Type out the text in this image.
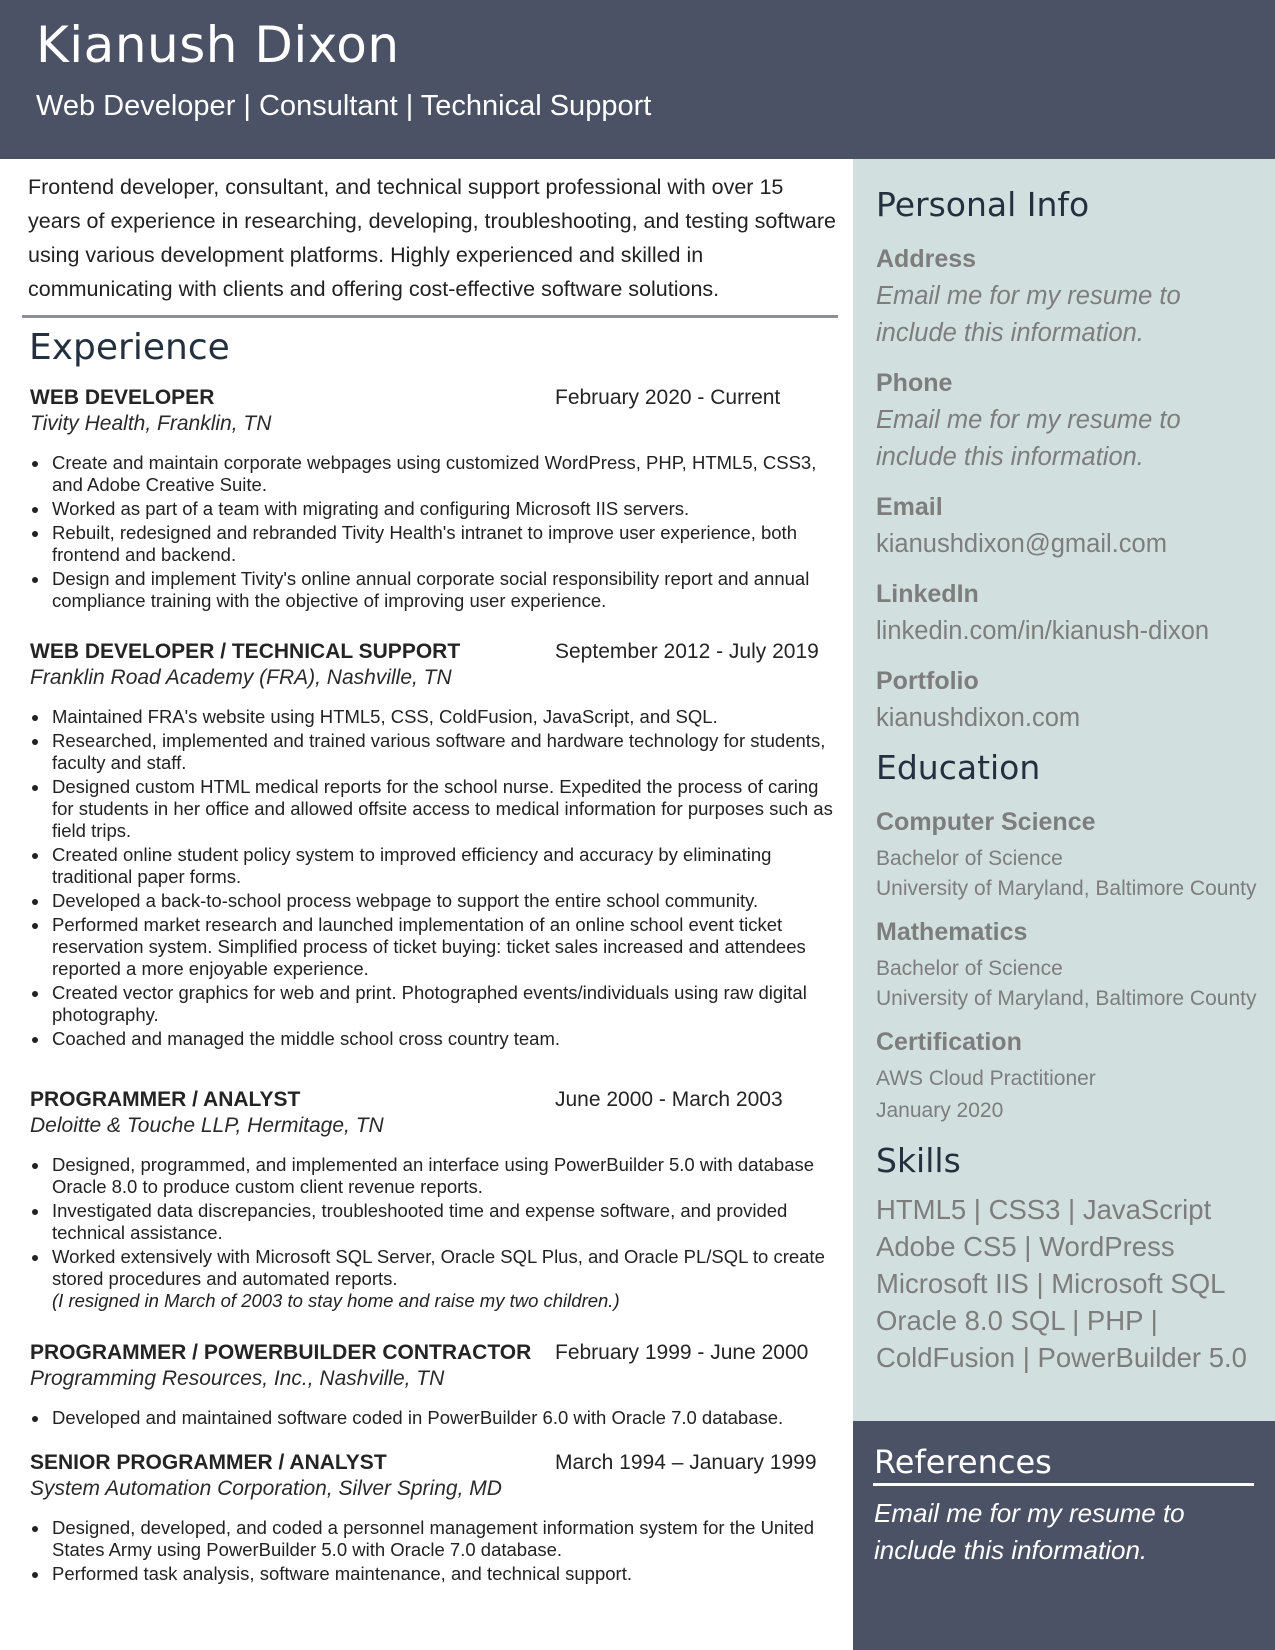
Kianush Dixon

Web Developer | Consultant | Technical Support

Frontend developer, consultant, and technical support professional with over 15 years of experience in researching, developing, troubleshooting, and testing software using various development platforms. Highly experienced and skilled in communicating with clients and offering cost-effective software solutions.

Experience
WEB DEVELOPER	February 2020 - Current
Tivity Health, Franklin, TN
Create and maintain corporate webpages using customized WordPress, PHP, HTML5, CSS3, and Adobe Creative Suite.
Worked as part of a team with migrating and configuring Microsoft IIS servers.
Rebuilt, redesigned and rebranded Tivity Health's intranet to improve user experience, both frontend and backend.
Design and implement Tivity's online annual corporate social responsibility report and annual compliance training with the objective of improving user experience.
WEB DEVELOPER / TECHNICAL SUPPORT	September 2012 - July 2019
Franklin Road Academy (FRA), Nashville, TN
Maintained FRA's website using HTML5, CSS, ColdFusion, JavaScript, and SQL.
Researched, implemented and trained various software and hardware technology for students, faculty and staff.
Designed custom HTML medical reports for the school nurse. Expedited the process of caring for students in her office and allowed offsite access to medical information for purposes such as field trips.
Created online student policy system to improved efficiency and accuracy by eliminating traditional paper forms.
Developed a back-to-school process webpage to support the entire school community.
Performed market research and launched implementation of an online school event ticket reservation system. Simplified process of ticket buying: ticket sales increased and attendees reported a more enjoyable experience.
Created vector graphics for web and print. Photographed events/individuals using raw digital photography.
Coached and managed the middle school cross country team.
PROGRAMMER / ANALYST	June 2000 - March 2003
Deloitte & Touche LLP, Hermitage, TN
Designed, programmed, and implemented an interface using PowerBuilder 5.0 with database Oracle 8.0 to produce custom client revenue reports.
Investigated data discrepancies, troubleshooted time and expense software, and provided technical assistance.
Worked extensively with Microsoft SQL Server, Oracle SQL Plus, and Oracle PL/SQL to create stored procedures and automated reports.
(I resigned in March of 2003 to stay home and raise my two children.)
PROGRAMMER / POWERBUILDER CONTRACTOR February 1999 - June 2000
Programming Resources, Inc., Nashville, TN
Developed and maintained software coded in PowerBuilder 6.0 with Oracle 7.0 database.
SENIOR PROGRAMMER / ANALYST	March 1994 – January 1999
System Automation Corporation, Silver Spring, MD
Designed, developed, and coded a personnel management information system for the United States Army using PowerBuilder 5.0 with Oracle 7.0 database.
Performed task analysis, software maintenance, and technical support.
Personal Info
Address
Email me for my resume to
include this information.
Phone
Email me for my resume to
include this information.
Email
kianushdixon@gmail.com
LinkedIn
linkedin.com/in/kianush-dixon
Portfolio
kianushdixon.com
Education
Computer Science
Bachelor of Science
University of Maryland, Baltimore County
Mathematics
Bachelor of Science
University of Maryland, Baltimore County
Certification
AWS Cloud Practitioner
January 2020
Skills
HTML5 | CSS3 | JavaScript
Adobe CS5 | WordPress
Microsoft IIS | Microsoft SQL
Oracle 8.0 SQL | PHP |
ColdFusion | PowerBuilder 5.0
References
Email me for my resume to
include this information.
